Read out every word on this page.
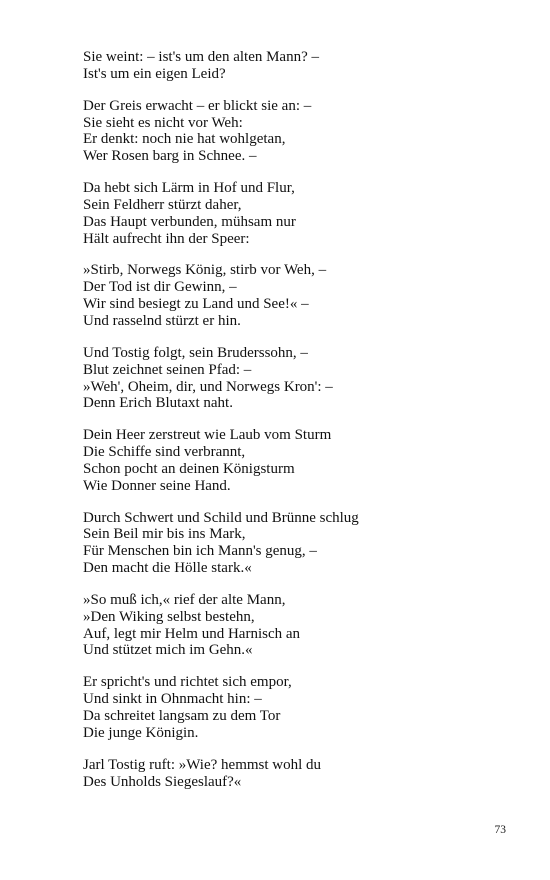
Sie weint: – ist's um den alten Mann? –
Ist's um ein eigen Leid?
Der Greis erwacht – er blickt sie an: –
Sie sieht es nicht vor Weh:
Er denkt: noch nie hat wohlgetan,
Wer Rosen barg in Schnee. –
Da hebt sich Lärm in Hof und Flur,
Sein Feldherr stürzt daher,
Das Haupt verbunden, mühsam nur
Hält aufrecht ihn der Speer:
»Stirb, Norwegs König, stirb vor Weh, –
Der Tod ist dir Gewinn, –
Wir sind besiegt zu Land und See!« –
Und rasselnd stürzt er hin.
Und Tostig folgt, sein Bruderssohn, –
Blut zeichnet seinen Pfad: –
»Weh', Oheim, dir, und Norwegs Kron': –
Denn Erich Blutaxt naht.
Dein Heer zerstreut wie Laub vom Sturm
Die Schiffe sind verbrannt,
Schon pocht an deinen Königsturm
Wie Donner seine Hand.
Durch Schwert und Schild und Brünne schlug
Sein Beil mir bis ins Mark,
Für Menschen bin ich Mann's genug, –
Den macht die Hölle stark.«
»So muß ich,« rief der alte Mann,
»Den Wiking selbst bestehn,
Auf, legt mir Helm und Harnisch an
Und stützet mich im Gehn.«
Er spricht's und richtet sich empor,
Und sinkt in Ohnmacht hin: –
Da schreitet langsam zu dem Tor
Die junge Königin.
Jarl Tostig ruft: »Wie? hemmst wohl du
Des Unholds Siegeslauf?«
73
